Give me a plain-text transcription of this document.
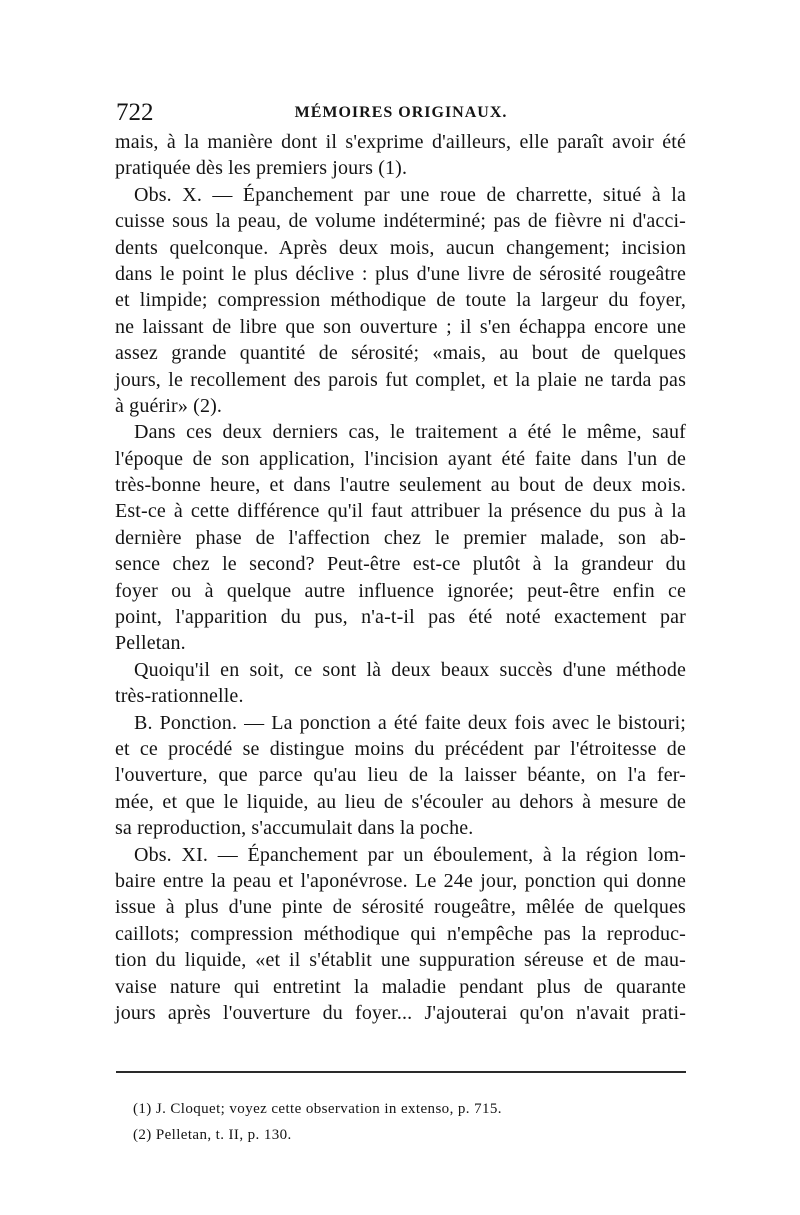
722	MÉMOIRES ORIGINAUX.
mais, à la manière dont il s'exprime d'ailleurs, elle paraît avoir été
pratiquée dès les premiers jours (1).
Obs. X. — Épanchement par une roue de charrette, situé à la
cuisse sous la peau, de volume indéterminé; pas de fièvre ni d'acci-
dents quelconque. Après deux mois, aucun changement; incision
dans le point le plus déclive : plus d'une livre de sérosité rougeâtre
et limpide; compression méthodique de toute la largeur du foyer,
ne laissant de libre que son ouverture ; il s'en échappa encore une
assez grande quantité de sérosité; «mais, au bout de quelques
jours, le recollement des parois fut complet, et la plaie ne tarda pas
à guérir» (2).
Dans ces deux derniers cas, le traitement a été le même, sauf
l'époque de son application, l'incision ayant été faite dans l'un de
très-bonne heure, et dans l'autre seulement au bout de deux mois.
Est-ce à cette différence qu'il faut attribuer la présence du pus à la
dernière phase de l'affection chez le premier malade, son ab-
sence chez le second? Peut-être est-ce plutôt à la grandeur du
foyer ou à quelque autre influence ignorée; peut-être enfin ce
point, l'apparition du pus, n'a-t-il pas été noté exactement par
Pelletan.
Quoiqu'il en soit, ce sont là deux beaux succès d'une méthode
très-rationnelle.
B. Ponction. — La ponction a été faite deux fois avec le bistouri;
et ce procédé se distingue moins du précédent par l'étroitesse de
l'ouverture, que parce qu'au lieu de la laisser béante, on l'a fer-
mée, et que le liquide, au lieu de s'écouler au dehors à mesure de
sa reproduction, s'accumulait dans la poche.
Obs. XI. — Épanchement par un éboulement, à la région lom-
baire entre la peau et l'aponévrose. Le 24e jour, ponction qui donne
issue à plus d'une pinte de sérosité rougeâtre, mêlée de quelques
caillots; compression méthodique qui n'empêche pas la reproduc-
tion du liquide, «et il s'établit une suppuration séreuse et de mau-
vaise nature qui entretint la maladie pendant plus de quarante
jours après l'ouverture du foyer... J'ajouterai qu'on n'avait prati-
(1) J. Cloquet; voyez cette observation in extenso, p. 715.
(2) Pelletan, t. II, p. 130.
